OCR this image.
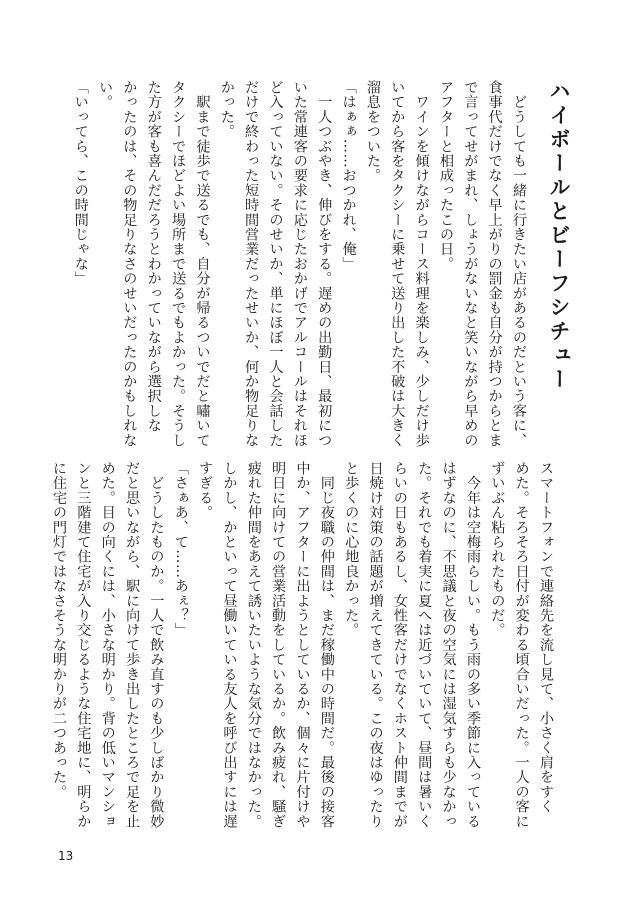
ハイボールとビーフシチュー

　どうしても一緒に行きたい店があるのだという客に、

食事代だけでなく早上がりの罰金も自分が持つからとま

で言ってせがまれ、しょうがないなと笑いながら早めの

アフターと相成ったこの日。

　ワインを傾けながらコース料理を楽しみ、少しだけ歩

いてから客をタクシーに乗せて送り出した不破は大きく

溜息をついた。

「はぁぁ……おつかれ、俺」

　一人つぶやき、伸びをする。遅めの出勤日、最初につ

いた常連客の要求に応じたおかげでアルコールはそれほ

ど入っていない。そのせいか、単にほぼ一人と会話した

だけで終わった短時間営業だったせいか、何か物足りな

かった。

　駅まで徒歩で送るでも、自分が帰るついでだと嘯いて

タクシーでほどよい場所まで送るでもよかった。そうし

た方が客も喜んだだろうとわかっていながら選択しな

かったのは、その物足りなさのせいだったのかもしれな

い。

「いってら、この時間じゃな」

スマートフォンで連絡先を流し見て、小さく肩をすく

めた。そろそろ日付が変わる頃合いだった。一人の客に

ずいぶん粘られたものだ。

　今年は空梅雨らしい。もう雨の多い季節に入っている

はずなのに、不思議と夜の空気には湿気すらも少なかっ

た。それでも着実に夏へは近づいていて、昼間は暑いく

らいの日もあるし、女性客だけでなくホスト仲間までが

日焼け対策の話題が増えてきている。この夜はゆったり

と歩くのに心地良かった。

　同じ夜職の仲間は、まだ稼働中の時間だ。最後の接客

中か、アフターに出ようとしているか、個々に片付けや

明日に向けての営業活動をしているか。飲み疲れ、騒ぎ

疲れた仲間をあえて誘いたいような気分ではなかった。

しかし、かといって昼働いている友人を呼び出すには遅

すぎる。

「さぁあ、て……あぇ？」

　どうしたものか。一人で飲み直すのも少しばかり微妙

だと思いながら、駅に向けて歩き出したところで足を止

めた。目の向くには、小さな明かり。背の低いマンショ

ンと三階建て住宅が入り交じるような住宅地に、明らか

に住宅の門灯ではなさそうな明かりが二つあった。

13
